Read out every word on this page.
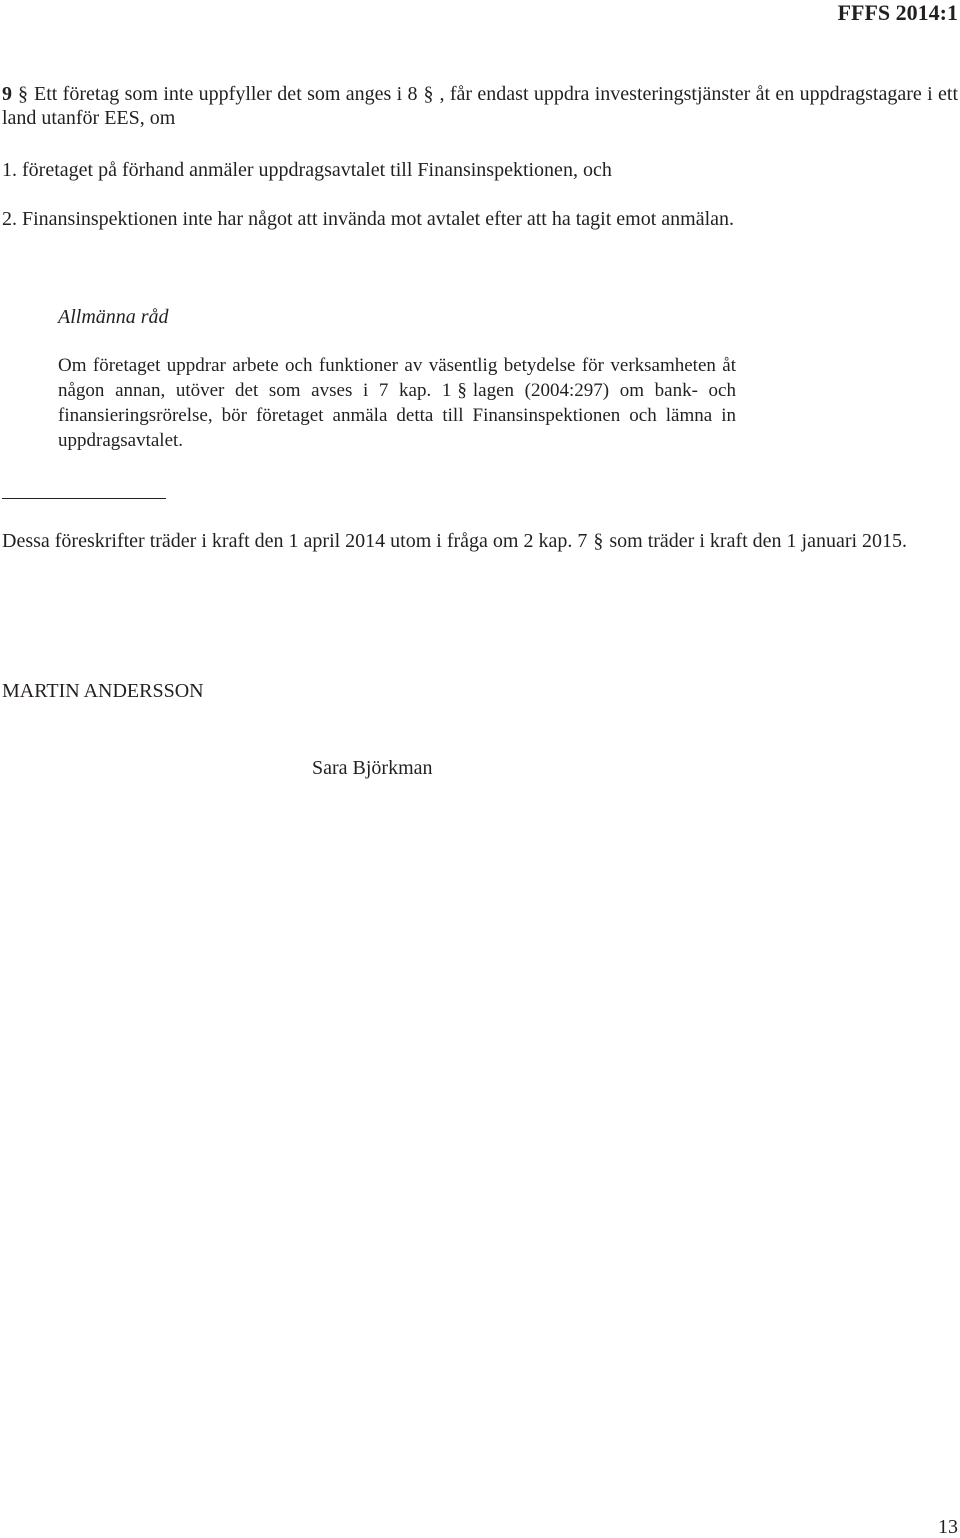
FFFS 2014:1
9 § Ett företag som inte uppfyller det som anges i 8 § , får endast uppdra investeringstjänster åt en uppdragstagare i ett land utanför EES, om
1. företaget på förhand anmäler uppdragsavtalet till Finansinspektionen, och
2. Finansinspektionen inte har något att invända mot avtalet efter att ha tagit emot anmälan.
Allmänna råd
Om företaget uppdrar arbete och funktioner av väsentlig betydelse för verksamheten åt någon annan, utöver det som avses i 7 kap. 1 § lagen (2004:297) om bank- och finansieringsrörelse, bör företaget anmäla detta till Finansinspektionen och lämna in uppdragsavtalet.
Dessa föreskrifter träder i kraft den 1 april 2014 utom i fråga om 2 kap. 7 § som träder i kraft den 1 januari 2015.
MARTIN ANDERSSON
Sara Björkman
13
